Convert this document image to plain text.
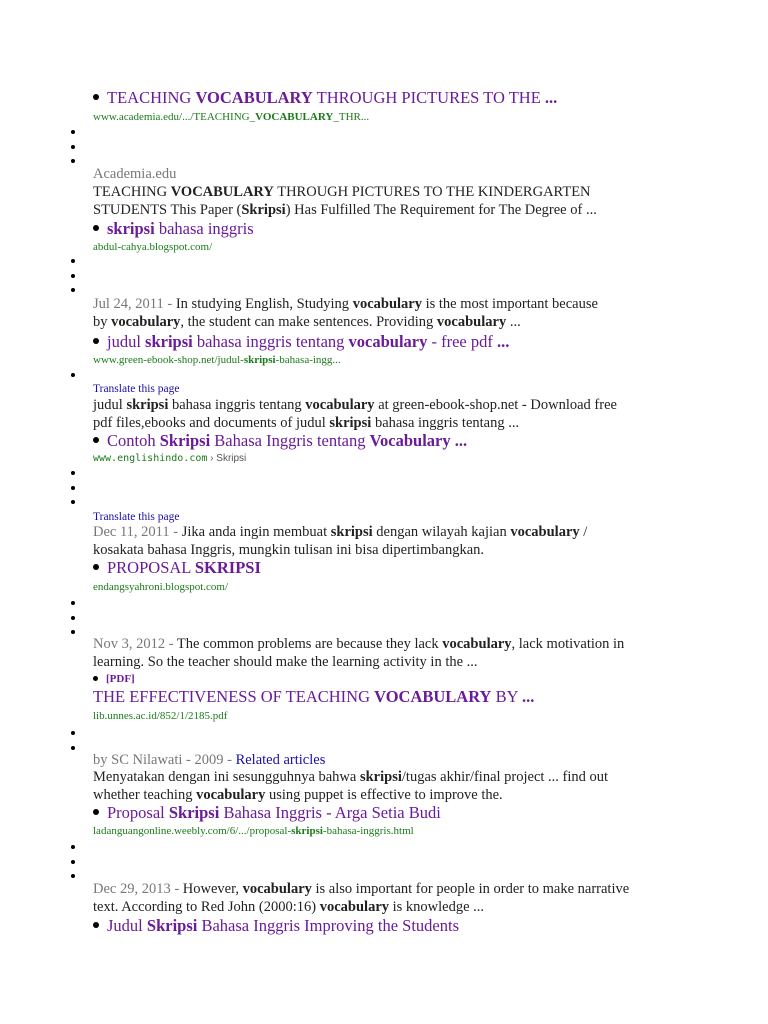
TEACHING VOCABULARY THROUGH PICTURES TO THE ...
www.academia.edu/.../TEACHING_VOCABULARY_THR...
Academia.edu
TEACHING VOCABULARY THROUGH PICTURES TO THE KINDERGARTEN
STUDENTS This Paper (Skripsi) Has Fulfilled The Requirement for The Degree of ...
skripsi bahasa inggris
abdul-cahya.blogspot.com/
Jul 24, 2011 - In studying English, Studying vocabulary is the most important because
by vocabulary, the student can make sentences. Providing vocabulary ...
judul skripsi bahasa inggris tentang vocabulary - free pdf ...
www.green-ebook-shop.net/judul-skripsi-bahasa-ingg...
Translate this page
judul skripsi bahasa inggris tentang vocabulary at green-ebook-shop.net - Download free
pdf files,ebooks and documents of judul skripsi bahasa inggris tentang ...
Contoh Skripsi Bahasa Inggris tentang Vocabulary ...
www.englishindo.com › Skripsi
Translate this page
Dec 11, 2011 - Jika anda ingin membuat skripsi dengan wilayah kajian vocabulary /
kosakata bahasa Inggris, mungkin tulisan ini bisa dipertimbangkan.
PROPOSAL SKRIPSI
endangsyahroni.blogspot.com/
Nov 3, 2012 - The common problems are because they lack vocabulary, lack motivation in
learning. So the teacher should make the learning activity in the ...
[PDF]
THE EFFECTIVENESS OF TEACHING VOCABULARY BY ...
lib.unnes.ac.id/852/1/2185.pdf
by SC Nilawati - 2009 - Related articles
Menyatakan dengan ini sesungguhnya bahwa skripsi/tugas akhir/final project ... find out
whether teaching vocabulary using puppet is effective to improve the.
Proposal Skripsi Bahasa Inggris - Arga Setia Budi
ladanguangonline.weebly.com/6/.../proposal-skripsi-bahasa-inggris.html
Dec 29, 2013 - However, vocabulary is also important for people in order to make narrative
text. According to Red John (2000:16) vocabulary is knowledge ...
Judul Skripsi Bahasa Inggris Improving the Students
